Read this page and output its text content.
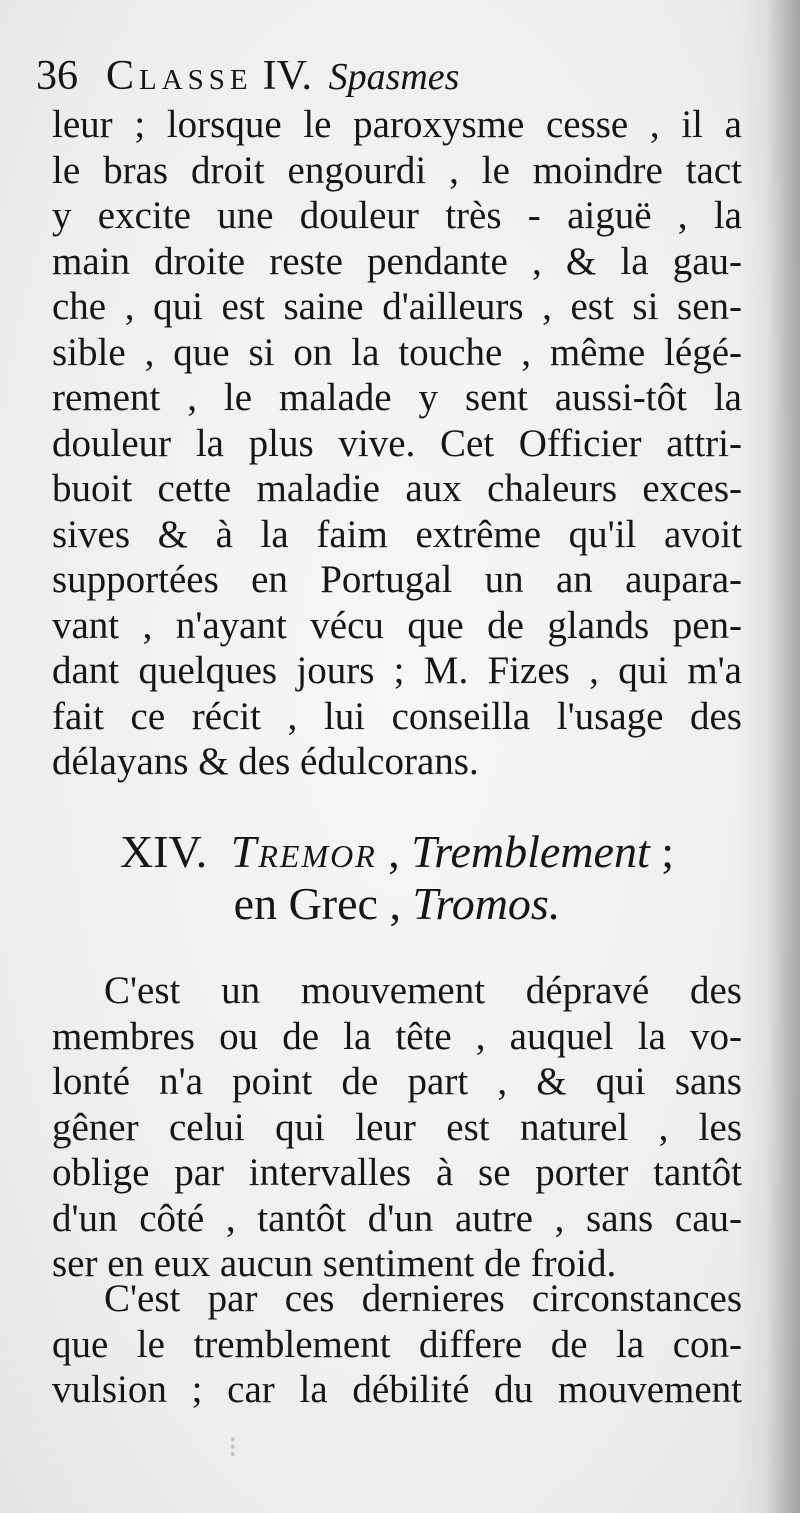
36 Classe IV. Spasmes
leur ; lorsque le paroxysme cesse , il a
le bras droit engourdi , le moindre tact
y excite une douleur très - aiguë , la
main droite reste pendante , & la gau-
che , qui est saine d'ailleurs , est si sen-
sible , que si on la touche , même légé-
rement , le malade y sent aussi-tôt la
douleur la plus vive. Cet Officier attri-
buoit cette maladie aux chaleurs exces-
sives & à la faim extrême qu'il avoit
supportées en Portugal un an aupara-
vant , n'ayant vécu que de glands pen-
dant quelques jours ; M. Fizes , qui m'a
fait ce récit , lui conseilla l'usage des
délayans & des édulcorans.
XIV. Tremor , Tremblement ;
en Grec , Tromos.
C'est un mouvement dépravé des
membres ou de la tête , auquel la vo-
lonté n'a point de part , & qui sans
gêner celui qui leur est naturel , les
oblige par intervalles à se porter tantôt
d'un côté , tantôt d'un autre , sans cau-
ser en eux aucun sentiment de froid.
C'est par ces dernieres circonstances
que le tremblement differe de la con-
vulsion ; car la débilité du mouvement
⁝
